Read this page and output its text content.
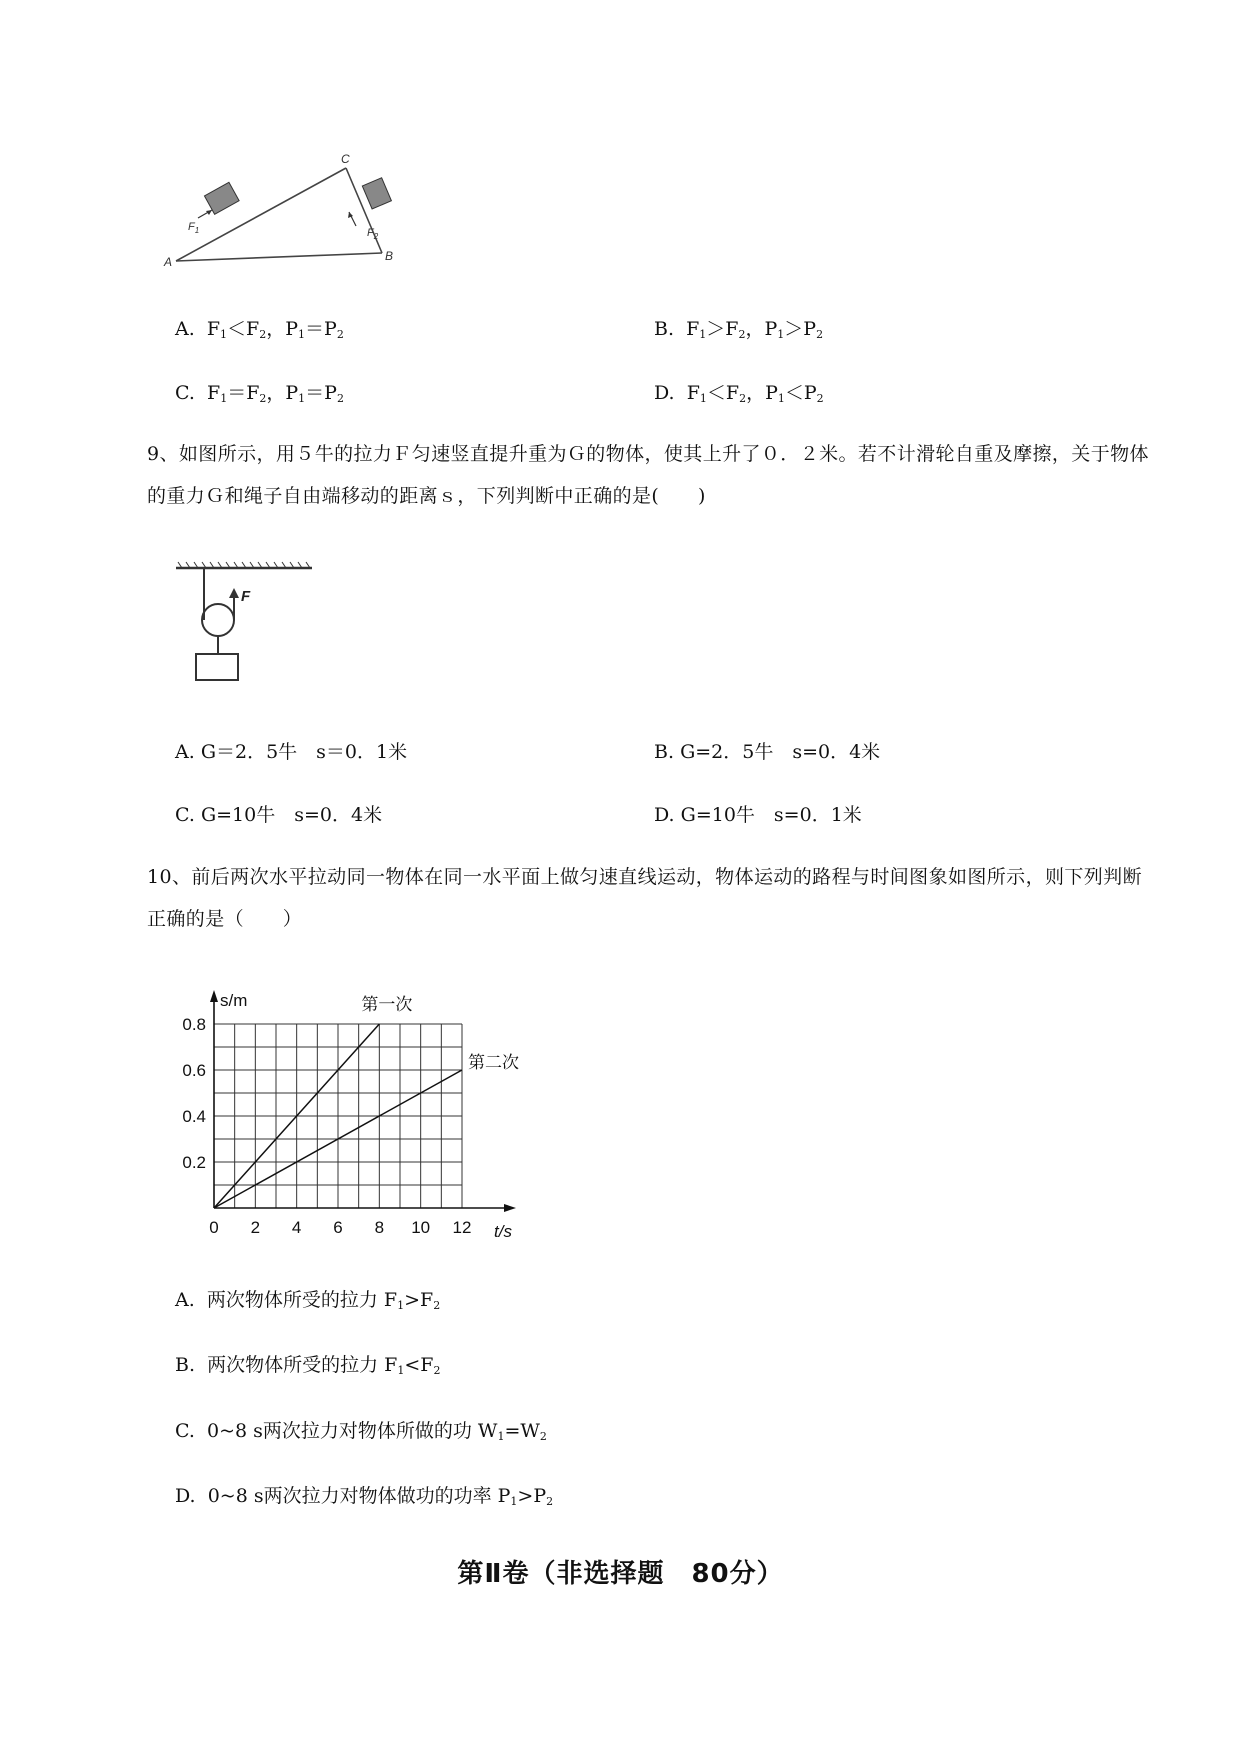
C
A	B
$F_1$	$F_2$
A. $F_1<F_2$，$P_1=P_2$	B. $F_1>F_2$，$P_1>P_2$
C. $F_1=F_2$，$P_1=P_2$	D. $F_1<F_2$，$P_1<P_2$
9、如图所示，用５牛的拉力Ｆ匀速竖直提升重为Ｇ的物体，使其上升了０．２米。若不计滑轮自重及摩擦，关于物体的重力Ｇ和绳子自由端移动的距离ｓ，下列判断中正确的是(　　)
F
A. G＝2．5牛　s＝0．1米	B. G=2．5牛　s=0．4米
C. G=10牛　s=0．4米	D. G=10牛　s=0．1米
10、前后两次水平拉动同一物体在同一水平面上做匀速直线运动，物体运动的路程与时间图象如图所示，则下列判断正确的是（　　）
0 2 4 6 8 10 12
0.2
0.4
0.6
0.8
s/m
t/s
第一次
第二次
A. 两次物体所受的拉力 $F_1>F_2$
B. 两次物体所受的拉力 $F_1<F_2$
C. 0~8 s两次拉力对物体所做的功 $W_1=W_2$
D. 0~8 s两次拉力对物体做功的功率 $P_1>P_2$
第Ⅱ卷（非选择题　80分）
